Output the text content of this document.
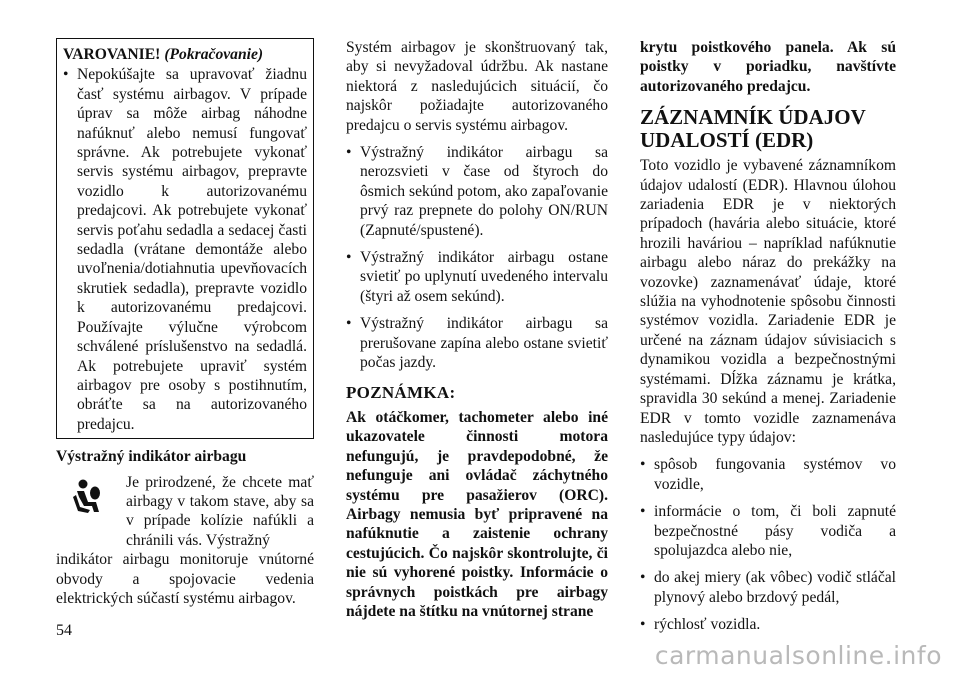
VAROVANIE! (Pokračovanie)

• Nepokúšajte sa upravovať žiadnu časť systému airbagov. V prípade úprav sa môže airbag náhodne nafúknuť alebo nemusí fungovať správne. Ak potrebujete vykonať servis systému airbagov, prepravte vozidlo k autorizovanému predajcovi. Ak potrebujete vykonať servis poťahu sedadla a sedacej časti sedadla (vrátane demontáže alebo uvoľnenia/dotiahnutia upevňovacích skrutiek sedadla), prepravte vozidlo k autorizovanému predajcovi. Používajte výlučne výrobcom schválené príslušenstvo na sedadlá. Ak potrebujete upraviť systém airbagov pre osoby s postihnutím, obráťte sa na autorizovaného predajcu.

Výstražný indikátor airbagu

Je prirodzené, že chcete mať airbagy v takom stave, aby sa v prípade kolízie nafúkli a chránili vás. Výstražný

indikátor airbagu monitoruje vnútorné obvody a spojovacie vedenia elektrických súčastí systému airbagov.

Systém airbagov je skonštruovaný tak, aby si nevyžadoval údržbu. Ak nastane niektorá z nasledujúcich situácií, čo najskôr požiadajte autorizovaného predajcu o servis systému airbagov.

• Výstražný indikátor airbagu sa nerozsvieti v čase od štyroch do ôsmich sekúnd potom, ako zapaľovanie prvý raz prepnete do polohy ON/RUN (Zapnuté/spustené).
• Výstražný indikátor airbagu ostane svietiť po uplynutí uvedeného intervalu (štyri až osem sekúnd).
• Výstražný indikátor airbagu sa prerušovane zapína alebo ostane svietiť počas jazdy.

POZNÁMKA:

Ak otáčkomer, tachometer alebo iné ukazovatele činnosti motora nefungujú, je pravdepodobné, že nefunguje ani ovládač záchytného systému pre pasažierov (ORC). Airbagy nemusia byť pripravené na nafúknutie a zaistenie ochrany cestujúcich. Čo najskôr skontrolujte, či nie sú vyhorené poistky. Informácie o správnych poistkách pre airbagy nájdete na štítku na vnútornej strane

krytu poistkového panela. Ak sú poistky v poriadku, navštívte autorizovaného predajcu.

ZÁZNAMNÍK ÚDAJOV
UDALOSTÍ (EDR)

Toto vozidlo je vybavené záznamníkom údajov udalostí (EDR). Hlavnou úlohou zariadenia EDR je v niektorých prípadoch (havária alebo situácie, ktoré hrozili haváriou – napríklad nafúknutie airbagu alebo náraz do prekážky na vozovke) zaznamenávať údaje, ktoré slúžia na vyhodnotenie spôsobu činnosti systémov vozidla. Zariadenie EDR je určené na záznam údajov súvisiacich s dynamikou vozidla a bezpečnostnými systémami. Dĺžka záznamu je krátka, spravidla 30 sekúnd a menej. Zariadenie EDR v tomto vozidle zaznamenáva nasledujúce typy údajov:

• spôsob fungovania systémov vo vozidle,
• informácie o tom, či boli zapnuté bezpečnostné pásy vodiča a spolujazdca alebo nie,
• do akej miery (ak vôbec) vodič stláčal plynový alebo brzdový pedál,
• rýchlosť vozidla.
54
carmanualsonline.info
